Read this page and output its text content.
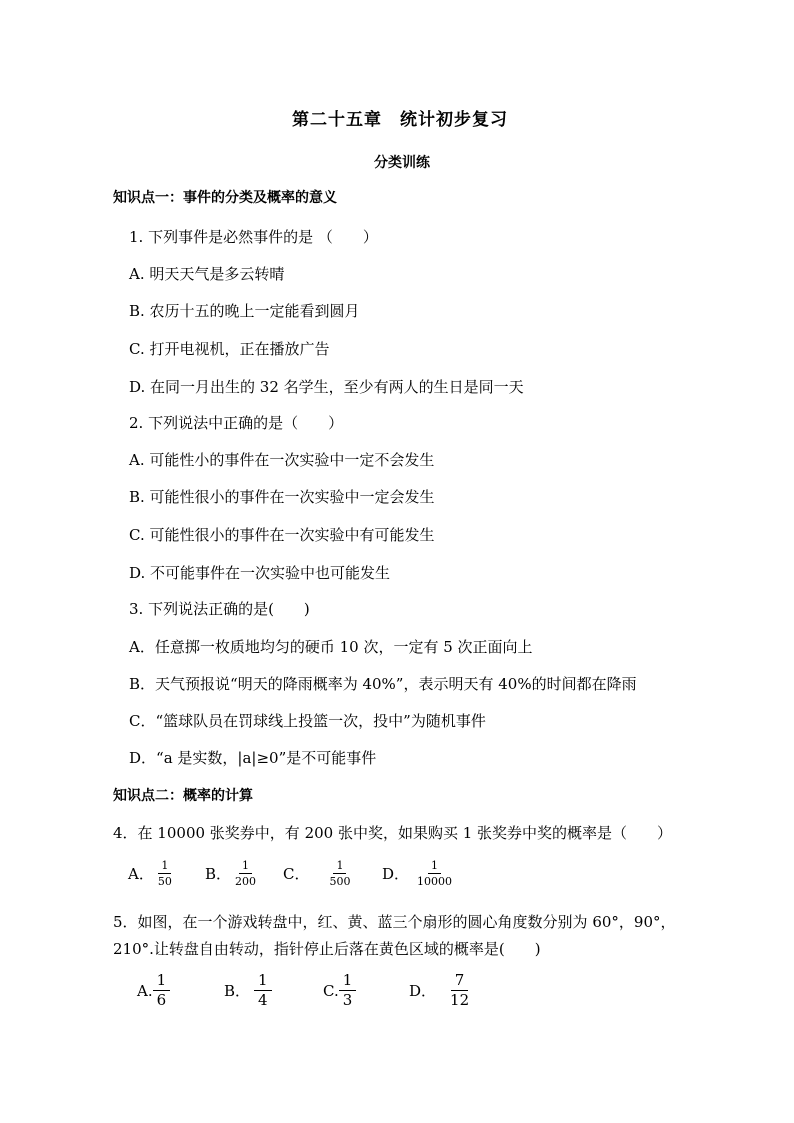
第二十五章　统计初步复习
分类训练
知识点一：事件的分类及概率的意义
1. 下列事件是必然事件的是 （　　）
A. 明天天气是多云转晴
B. 农历十五的晚上一定能看到圆月
C. 打开电视机，正在播放广告
D. 在同一月出生的 32 名学生，至少有两人的生日是同一天
2. 下列说法中正确的是（　　）
A. 可能性小的事件在一次实验中一定不会发生
B. 可能性很小的事件在一次实验中一定会发生
C. 可能性很小的事件在一次实验中有可能发生
D. 不可能事件在一次实验中也可能发生
3. 下列说法正确的是(　　)
A．任意掷一枚质地均匀的硬币 10 次，一定有 5 次正面向上
B．天气预报说“明天的降雨概率为 40%”，表示明天有 40%的时间都在降雨
C．“篮球队员在罚球线上投篮一次，投中”为随机事件
D．“a 是实数，|a|≥0”是不可能事件
知识点二：概率的计算
4．在 10000 张奖券中，有 200 张中奖，如果购买 1 张奖券中奖的概率是（　　）
A． $\frac{1}{50}$ B． $\frac{1}{200}$ C． $\frac{1}{500}$ D． $\frac{1}{10000}$
5．如图，在一个游戏转盘中，红、黄、蓝三个扇形的圆心角度数分别为 60°，90°，
210°.让转盘自由转动，指针停止后落在黄色区域的概率是(　　)
A. $\frac{1}{6}$	B． $\frac{1}{4}$	C. $\frac{1}{3}$	D． $\frac{7}{12}$
